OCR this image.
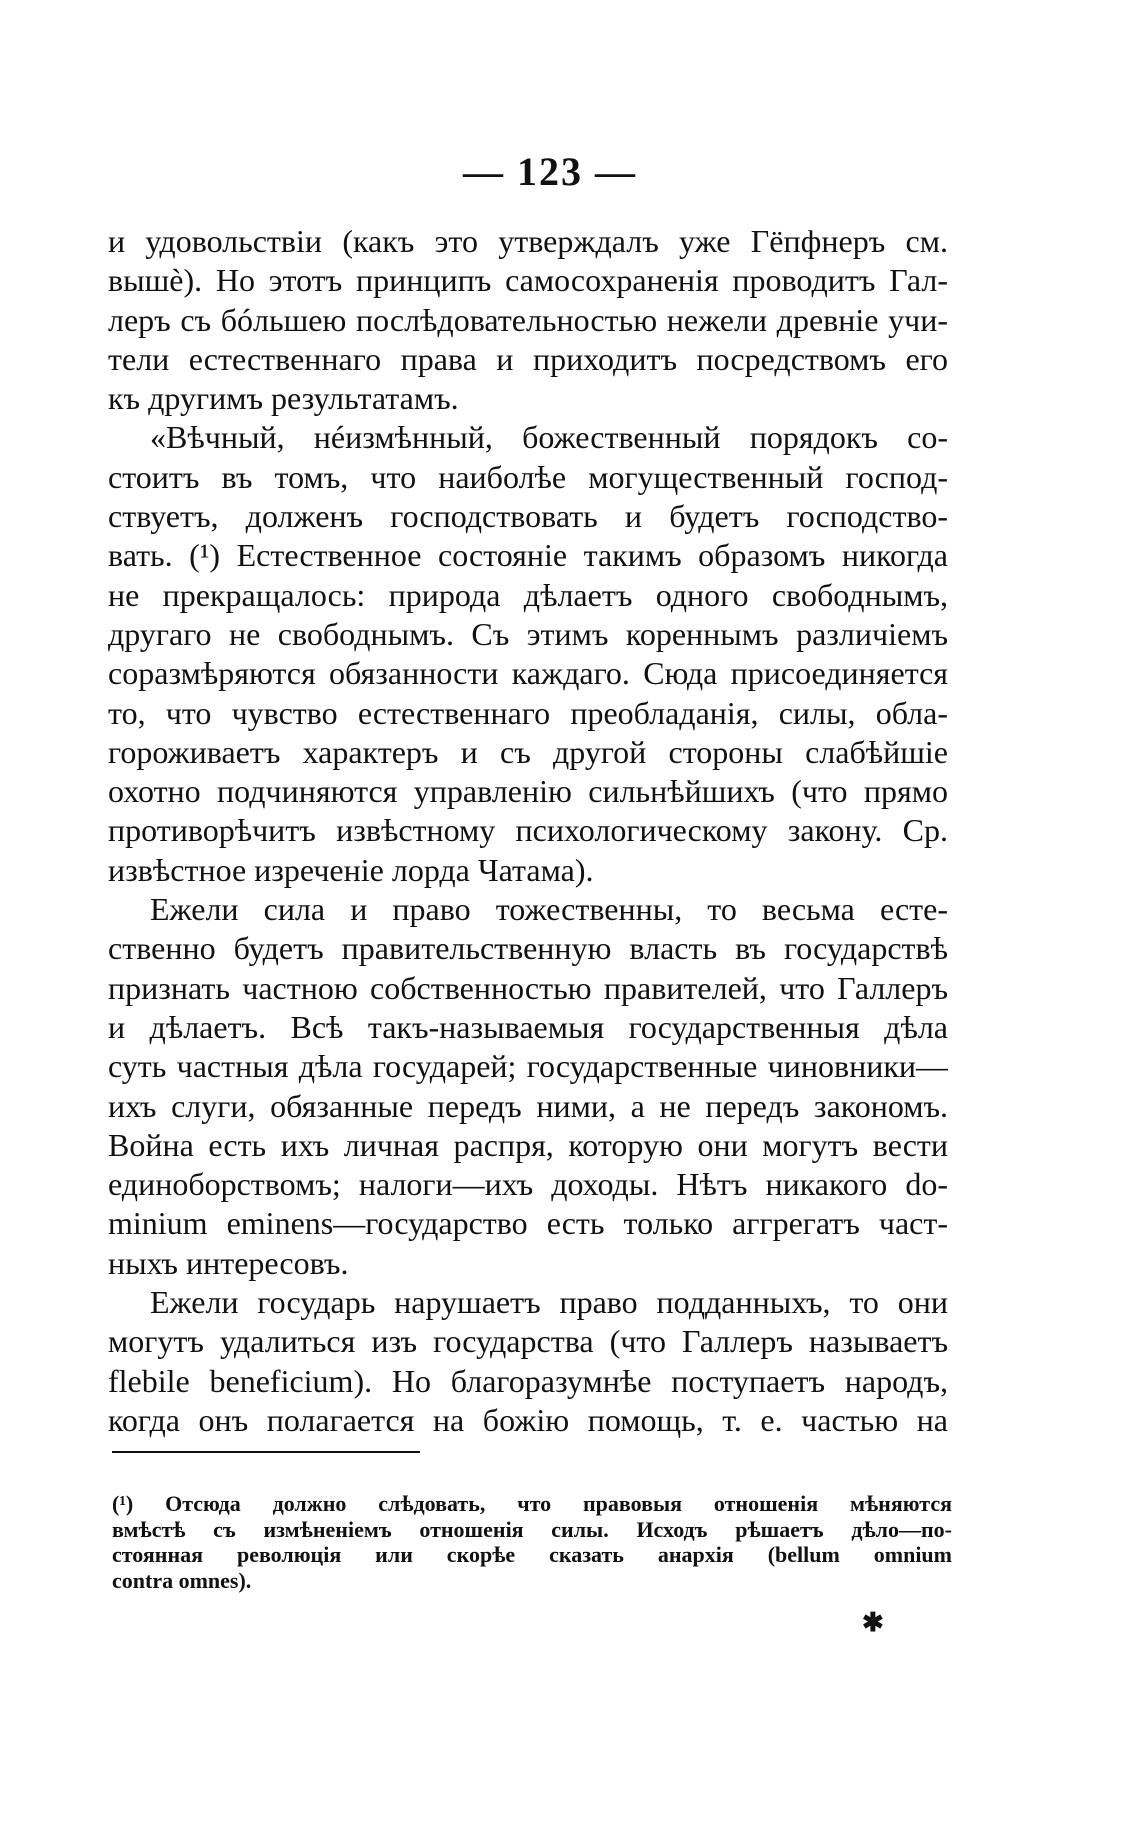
— 123 —
и удовольствiи (какъ это утверждалъ уже Гёпфнеръ см.
вышè). Но этотъ принципъ самосохраненiя проводитъ Гал-
леръ съ бóльшею послѣдовательностью нежели древнiе учи-
тели естественнаго права и приходитъ посредствомъ его
къ другимъ результатамъ.
«Вѣчный, нéизмѣнный, божественный порядокъ со-
стоитъ въ томъ, что наиболѣе могущественный господ-
ствуетъ, долженъ господствовать и будетъ господство-
вать. (¹) Естественное состоянiе такимъ образомъ никогда
не прекращалось: природа дѣлаетъ одного свободнымъ,
другаго не свободнымъ. Съ этимъ кореннымъ различiемъ
соразмѣряются обязанности каждаго. Сюда присоединяется
то, что чувство естественнаго преобладанiя, силы, обла-
гороживаетъ характеръ и съ другой стороны слабѣйшiе
охотно подчиняются управленiю сильнѣйшихъ (что прямо
противорѣчитъ извѣстному психологическому закону. Ср.
извѣстное изреченiе лорда Чатама).
Ежели сила и право тожественны, то весьма есте-
ственно будетъ правительственную власть въ государствѣ
признать частною собственностью правителей, что Галлеръ
и дѣлаетъ. Всѣ такъ-называемыя государственныя дѣла
суть частныя дѣла государей; государственные чиновники—
ихъ слуги, обязанные передъ ними, а не передъ закономъ.
Война есть ихъ личная распря, которую они могутъ вести
единоборствомъ; налоги—ихъ доходы. Нѣтъ никакого do-
minium eminens—государство есть только аггрегатъ част-
ныхъ интересовъ.
Ежели государь нарушаетъ право подданныхъ, то они
могутъ удалиться изъ государства (что Галлеръ называетъ
flebile beneficium). Но благоразумнѣе поступаетъ народъ,
когда онъ полагается на божiю помощь, т. е. частью на
(¹) Отсюда должно слѣдовать, что правовыя отношенiя мѣняются
вмѣстѣ съ измѣненiемъ отношенiя силы. Исходъ рѣшаетъ дѣло—по-
стоянная революцiя или скорѣе сказать анархiя (bellum omnium
contra omnes).
✱
